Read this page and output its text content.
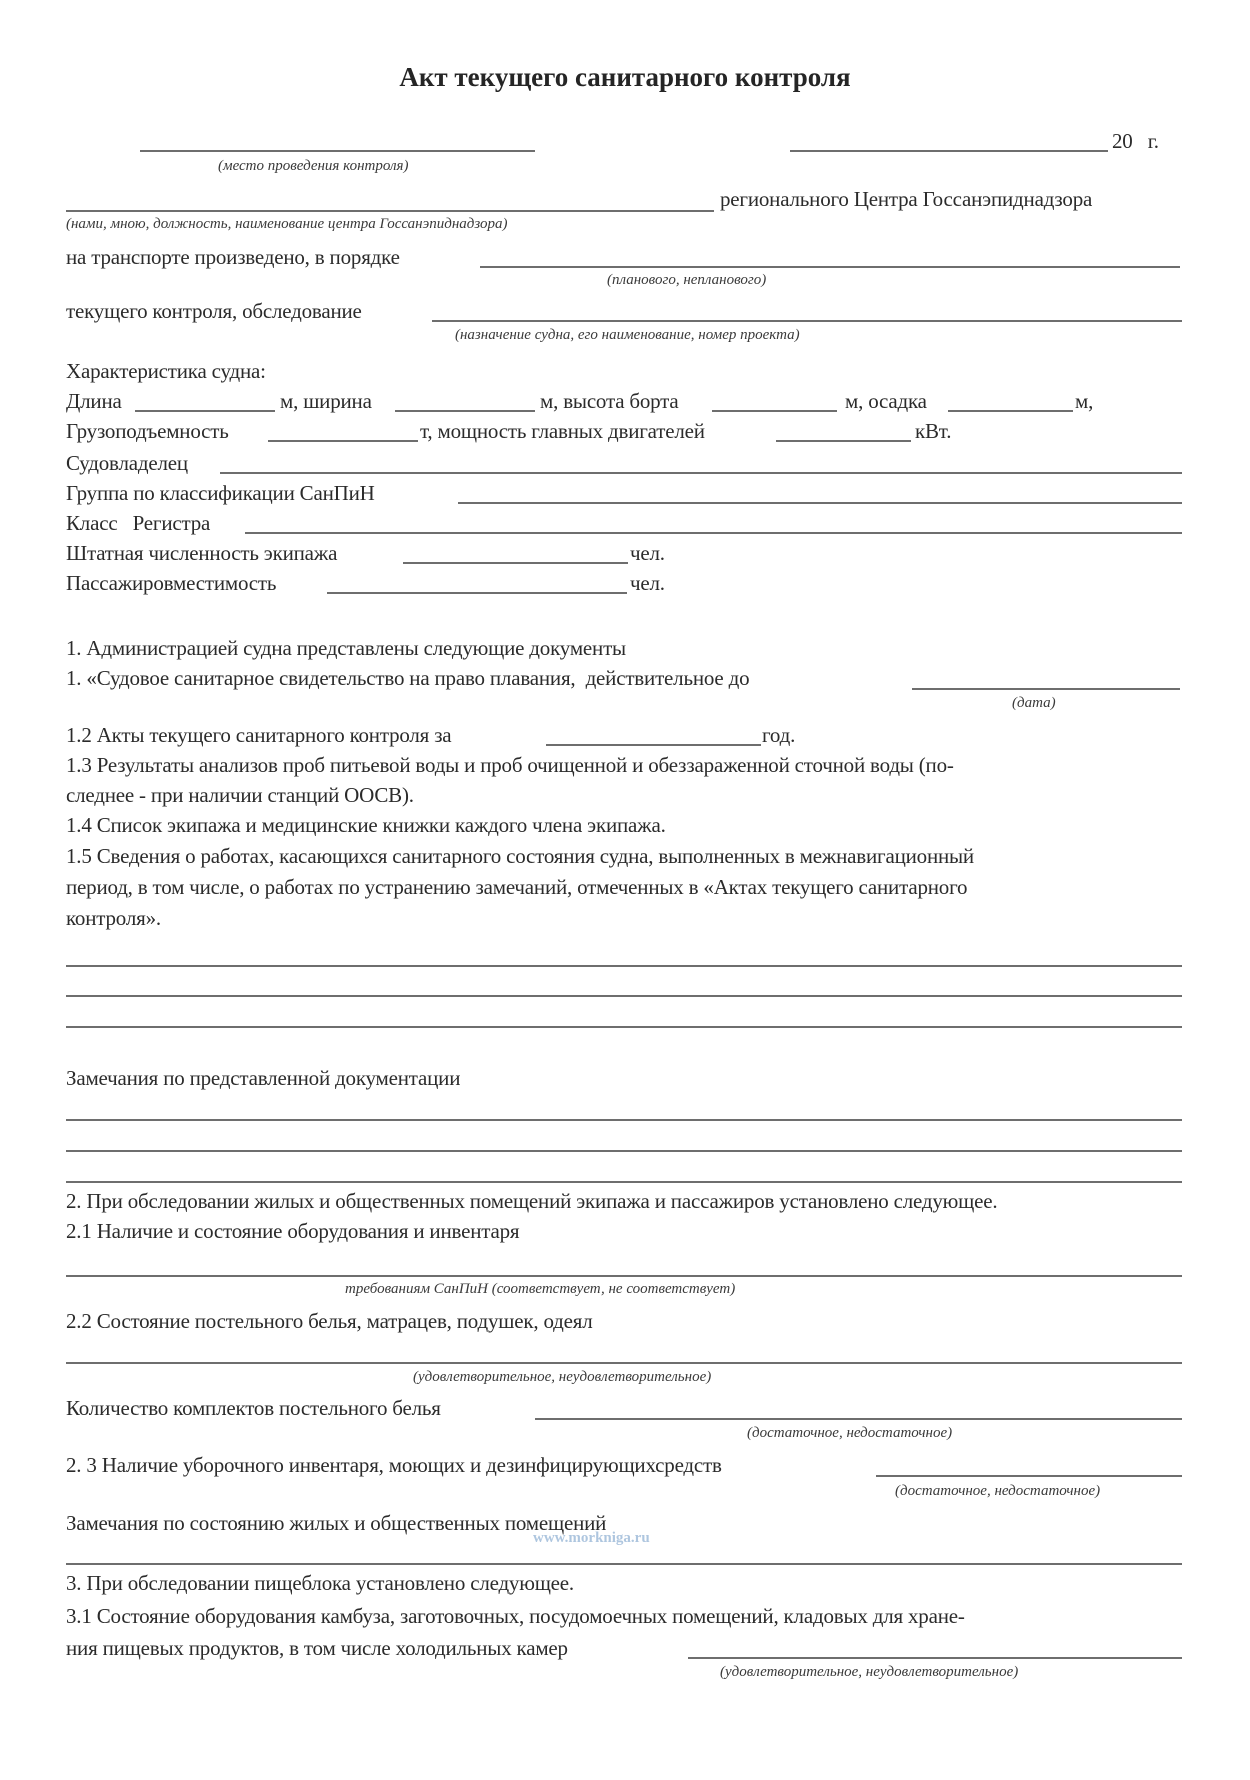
Акт текущего санитарного контроля
20   г.
(место проведения контроля)
регионального Центра Госсанэпиднадзора
(нами, мною, должность, наименование центра Госсанэпиднадзора)
на транспорте произведено, в порядке
(планового, непланового)
текущего контроля, обследование
(назначение судна, его наименование, номер проекта)
Характеристика судна:
Длина	м, ширина	м, высота борта	м, осадка	м,
Грузоподъемность	т, мощность главных двигателей	кВт.
Судовладелец
Группа по классификации СанПиН
Класс   Регистра
Штатная численность экипажа	чел.
Пассажировместимость	чел.
1. Администрацией судна представлены следующие документы
1. «Судовое санитарное свидетельство на право плавания,  действительное до
(дата)
1.2 Акты текущего санитарного контроля за	год.
1.3 Результаты анализов проб питьевой воды и проб очищенной и обеззараженной сточной воды (по-
следнее - при наличии станций ООСВ).
1.4 Список экипажа и медицинские книжки каждого члена экипажа.
1.5 Сведения о работах, касающихся санитарного состояния судна, выполненных в межнавигационный
период, в том числе, о работах по устранению замечаний, отмеченных в «Актах текущего санитарного
контроля».
Замечания по представленной документации
2. При обследовании жилых и общественных помещений экипажа и пассажиров установлено следующее.
2.1 Наличие и состояние оборудования и инвентаря
требованиям СанПиН (соответствует, не соответствует)
2.2 Состояние постельного белья, матрацев, подушек, одеял
(удовлетворительное, неудовлетворительное)
Количество комплектов постельного белья
(достаточное, недостаточное)
2. 3 Наличие уборочного инвентаря, моющих и дезинфицирующихсредств
(достаточное, недостаточное)
Замечания по состоянию жилых и общественных помещений
www.morkniga.ru
3. При обследовании пищеблока установлено следующее.
3.1 Состояние оборудования камбуза, заготовочных, посудомоечных помещений, кладовых для хране-
ния пищевых продуктов, в том числе холодильных камер
(удовлетворительное, неудовлетворительное)
